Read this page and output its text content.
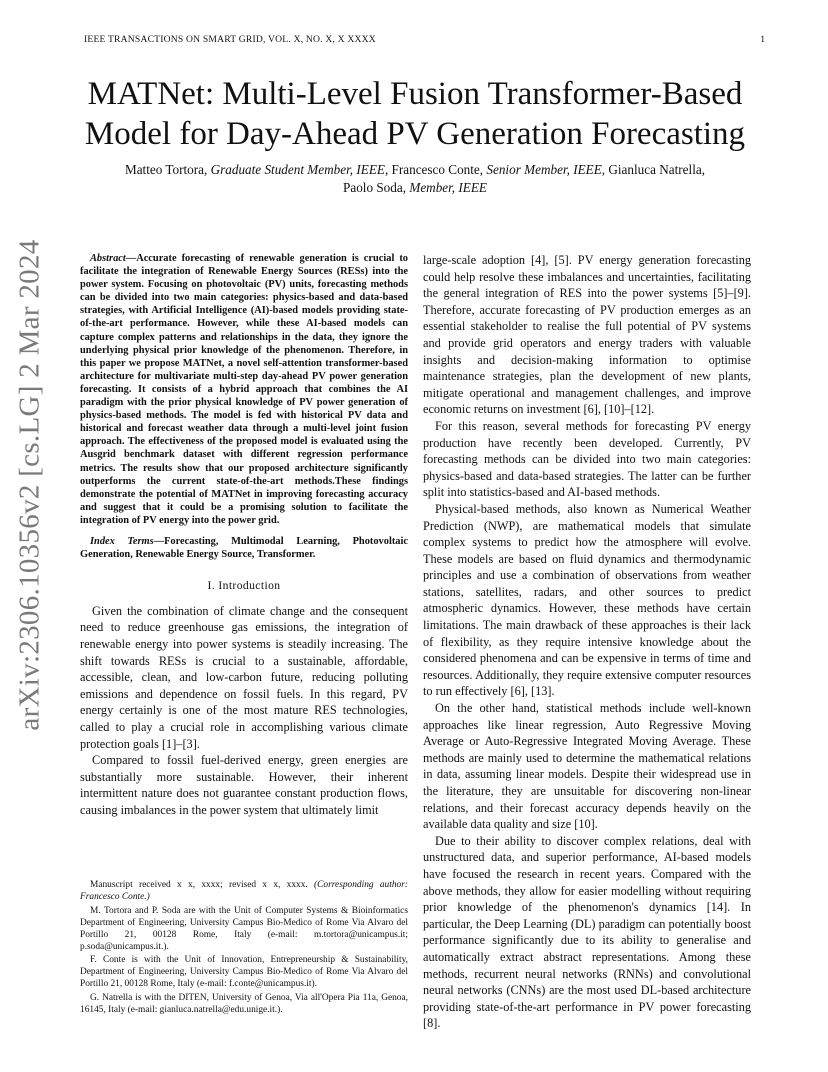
IEEE TRANSACTIONS ON SMART GRID, VOL. X, NO. X, X XXXX	1
arXiv:2306.10356v2 [cs.LG] 2 Mar 2024
MATNet: Multi-Level Fusion Transformer-Based Model for Day-Ahead PV Generation Forecasting
Matteo Tortora, Graduate Student Member, IEEE, Francesco Conte, Senior Member, IEEE, Gianluca Natrella,
Paolo Soda, Member, IEEE

Abstract—Accurate forecasting of renewable generation is crucial to facilitate the integration of Renewable Energy Sources (RESs) into the power system. Focusing on photovoltaic (PV) units, forecasting methods can be divided into two main categories: physics-based and data-based strategies, with Artificial Intelligence (AI)-based models providing state-of-the-art performance. However, while these AI-based models can capture complex patterns and relationships in the data, they ignore the underlying physical prior knowledge of the phenomenon. Therefore, in this paper we propose MATNet, a novel self-attention transformer-based architecture for multivariate multi-step day-ahead PV power generation forecasting. It consists of a hybrid approach that combines the AI paradigm with the prior physical knowledge of PV power generation of physics-based methods. The model is fed with historical PV data and historical and forecast weather data through a multi-level joint fusion approach. The effectiveness of the proposed model is evaluated using the Ausgrid benchmark dataset with different regression performance metrics. The results show that our proposed architecture significantly outperforms the current state-of-the-art methods.These findings demonstrate the potential of MATNet in improving forecasting accuracy and suggest that it could be a promising solution to facilitate the integration of PV energy into the power grid.

Index Terms—Forecasting, Multimodal Learning, Photovoltaic Generation, Renewable Energy Source, Transformer.

I. Introduction

Given the combination of climate change and the consequent need to reduce greenhouse gas emissions, the integration of renewable energy into power systems is steadily increasing. The shift towards RESs is crucial to a sustainable, affordable, accessible, clean, and low-carbon future, reducing polluting emissions and dependence on fossil fuels. In this regard, PV energy certainly is one of the most mature RES technologies, called to play a crucial role in accomplishing various climate protection goals [1]–[3].

Compared to fossil fuel-derived energy, green energies are substantially more sustainable. However, their inherent intermittent nature does not guarantee constant production flows, causing imbalances in the power system that ultimately limit

large-scale adoption [4], [5]. PV energy generation forecasting could help resolve these imbalances and uncertainties, facilitating the general integration of RES into the power systems [5]–[9]. Therefore, accurate forecasting of PV production emerges as an essential stakeholder to realise the full potential of PV systems and provide grid operators and energy traders with valuable insights and decision-making information to optimise maintenance strategies, plan the development of new plants, mitigate operational and management challenges, and improve economic returns on investment [6], [10]–[12].

For this reason, several methods for forecasting PV energy production have recently been developed. Currently, PV forecasting methods can be divided into two main categories: physics-based and data-based strategies. The latter can be further split into statistics-based and AI-based methods.

Physical-based methods, also known as Numerical Weather Prediction (NWP), are mathematical models that simulate complex systems to predict how the atmosphere will evolve. These models are based on fluid dynamics and thermodynamic principles and use a combination of observations from weather stations, satellites, radars, and other sources to predict atmospheric dynamics. However, these methods have certain limitations. The main drawback of these approaches is their lack of flexibility, as they require intensive knowledge about the considered phenomena and can be expensive in terms of time and resources. Additionally, they require extensive computer resources to run effectively [6], [13].

On the other hand, statistical methods include well-known approaches like linear regression, Auto Regressive Moving Average or Auto-Regressive Integrated Moving Average. These methods are mainly used to determine the mathematical relations in data, assuming linear models. Despite their widespread use in the literature, they are unsuitable for discovering non-linear relations, and their forecast accuracy depends heavily on the available data quality and size [10].

Due to their ability to discover complex relations, deal with unstructured data, and superior performance, AI-based models have focused the research in recent years. Compared with the above methods, they allow for easier modelling without requiring prior knowledge of the phenomenon's dynamics [14]. In particular, the Deep Learning (DL) paradigm can potentially boost performance significantly due to its ability to generalise and automatically extract abstract representations. Among these methods, recurrent neural networks (RNNs) and convolutional neural networks (CNNs) are the most used DL-based architecture providing state-of-the-art performance in PV power forecasting [8].

Manuscript received x x, xxxx; revised x x, xxxx. (Corresponding author: Francesco Conte.)

M. Tortora and P. Soda are with the Unit of Computer Systems & Bioinformatics Department of Engineering, University Campus Bio-Medico of Rome Via Alvaro del Portillo 21, 00128 Rome, Italy (e-mail: m.tortora@unicampus.it; p.soda@unicampus.it.).

F. Conte is with the Unit of Innovation, Entrepreneurship & Sustainability, Department of Engineering, University Campus Bio-Medico of Rome Via Alvaro del Portillo 21, 00128 Rome, Italy (e-mail: f.conte@unicampus.it).

G. Natrella is with the DITEN, University of Genoa, Via all'Opera Pia 11a, Genoa, 16145, Italy (e-mail: gianluca.natrella@edu.unige.it.).
